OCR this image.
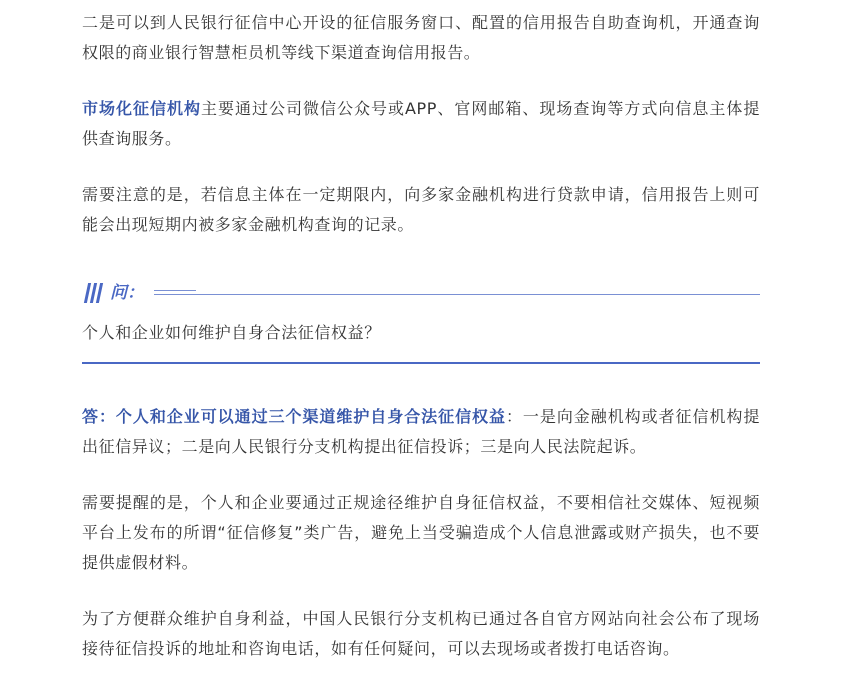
二是可以到人民银行征信中心开设的征信服务窗口、配置的信用报告自助查询机，开通查询权限的商业银行智慧柜员机等线下渠道查询信用报告。

市场化征信机构主要通过公司微信公众号或APP、官网邮箱、现场查询等方式向信息主体提供查询服务。

需要注意的是，若信息主体在一定期限内，向多家金融机构进行贷款申请，信用报告上则可能会出现短期内被多家金融机构查询的记录。

问：

个人和企业如何维护自身合法征信权益？

答：个人和企业可以通过三个渠道维护自身合法征信权益：一是向金融机构或者征信机构提出征信异议；二是向人民银行分支机构提出征信投诉；三是向人民法院起诉。

需要提醒的是，个人和企业要通过正规途径维护自身征信权益，不要相信社交媒体、短视频平台上发布的所谓“征信修复”类广告，避免上当受骗造成个人信息泄露或财产损失，也不要提供虚假材料。

为了方便群众维护自身利益，中国人民银行分支机构已通过各自官方网站向社会公布了现场接待征信投诉的地址和咨询电话，如有任何疑问，可以去现场或者拨打电话咨询。
